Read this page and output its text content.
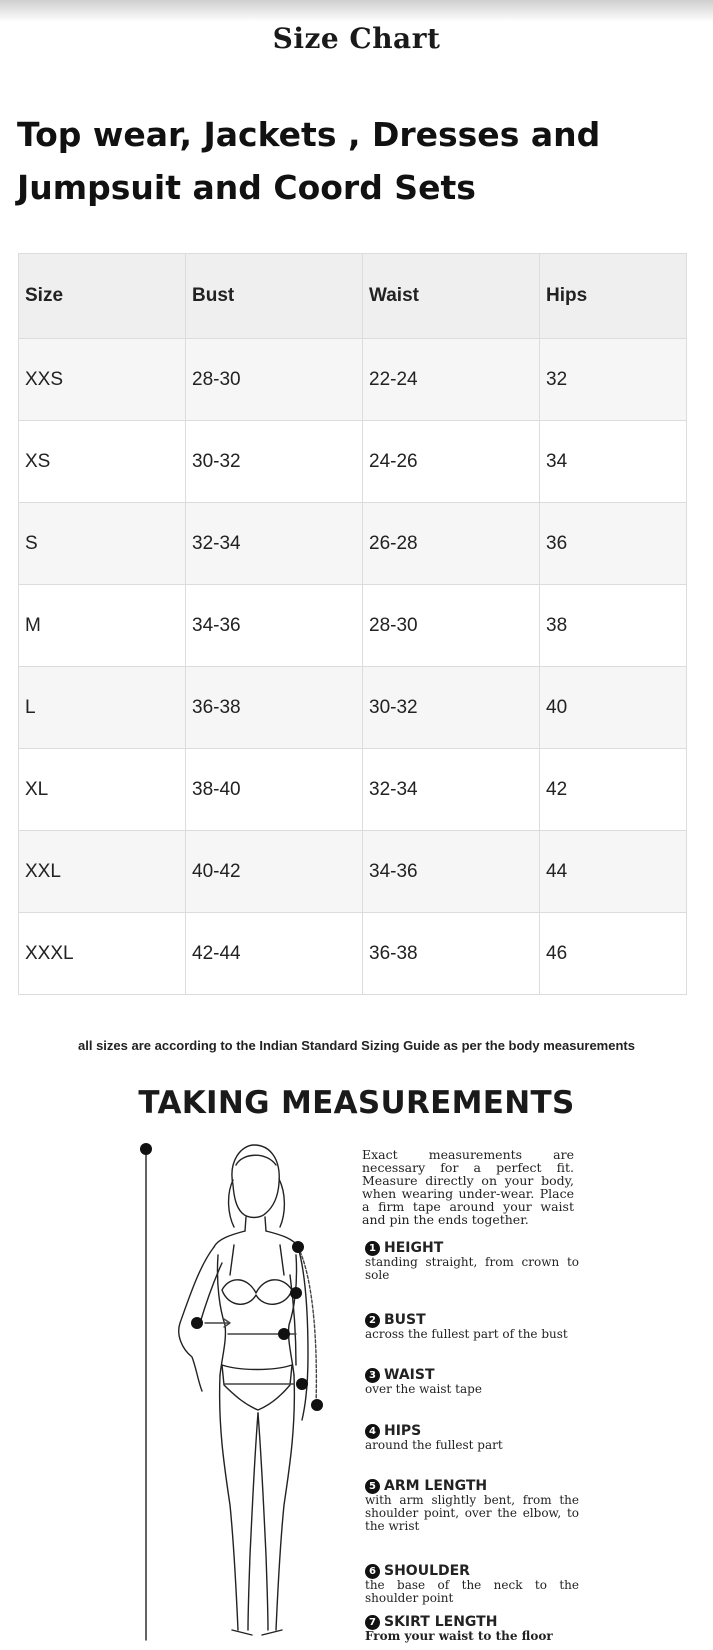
Size Chart
Top wear, Jackets , Dresses and
Jumpsuit and Coord Sets
Size	Bust	Waist	Hips
XXS	28-30	22-24	32
XS	30-32	24-26	34
S	32-34	26-28	36
M	34-36	28-30	38
L	36-38	30-32	40
XL	38-40	32-34	42
XXL	40-42	34-36	44
XXXL	42-44	36-38	46
all sizes are according to the Indian Standard Sizing Guide as per the body measurements
TAKING MEASUREMENTS
Exact measurements are necessary for a perfect fit. Measure directly on your body, when wearing under-wear. Place a firm tape around your waist and pin the ends together.
1 HEIGHT
standing straight, from crown to sole
2 BUST
across the fullest part of the bust
3 WAIST
over the waist tape
4 HIPS
around the fullest part
5 ARM LENGTH
with arm slightly bent, from the shoulder point, over the elbow, to the wrist
6 SHOULDER
the base of the neck to the shoulder point
7 SKIRT LENGTH
From your waist to the floor
